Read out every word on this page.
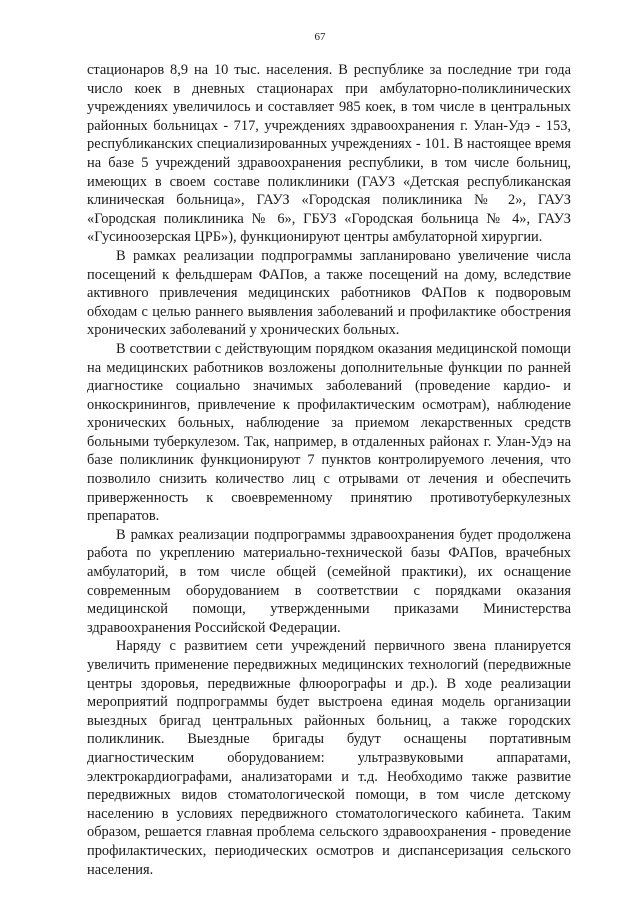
67

стационаров 8,9 на 10 тыс. населения. В республике за последние три года число коек в дневных стационарах при амбулаторно-поликлинических учреждениях увеличилось и составляет 985 коек, в том числе в центральных районных больницах - 717, учреждениях здравоохранения г. Улан-Удэ - 153, республиканских специализированных учреждениях - 101. В настоящее время на базе 5 учреждений здравоохранения республики, в том числе больниц, имеющих в своем составе поликлиники (ГАУЗ «Детская республиканская клиническая больница», ГАУЗ «Городская поликлиника № 2», ГАУЗ «Городская поликлиника № 6», ГБУЗ «Городская больница № 4», ГАУЗ «Гусиноозерская ЦРБ»), функционируют центры амбулаторной хирургии.

В рамках реализации подпрограммы запланировано увеличение числа посещений к фельдшерам ФАПов, а также посещений на дому, вследствие активного привлечения медицинских работников ФАПов к подворовым обходам с целью раннего выявления заболеваний и профилактике обострения хронических заболеваний у хронических больных.

В соответствии с действующим порядком оказания медицинской помощи на медицинских работников возложены дополнительные функции по ранней диагностике социально значимых заболеваний (проведение кардио- и онкоскринингов, привлечение к профилактическим осмотрам), наблюдение хронических больных, наблюдение за приемом лекарственных средств больными туберкулезом. Так, например, в отдаленных районах г. Улан-Удэ на базе поликлиник функционируют 7 пунктов контролируемого лечения, что позволило снизить количество лиц с отрывами от лечения и обеспечить приверженность к своевременному принятию противотуберкулезных препаратов.

В рамках реализации подпрограммы здравоохранения будет продолжена работа по укреплению материально-технической базы ФАПов, врачебных амбулаторий, в том числе общей (семейной практики), их оснащение современным оборудованием в соответствии с порядками оказания медицинской помощи, утвержденными приказами Министерства здравоохранения Российской Федерации.

Наряду с развитием сети учреждений первичного звена планируется увеличить применение передвижных медицинских технологий (передвижные центры здоровья, передвижные флюорографы и др.). В ходе реализации мероприятий подпрограммы будет выстроена единая модель организации выездных бригад центральных районных больниц, а также городских поликлиник. Выездные бригады будут оснащены портативным диагностическим оборудованием: ультразвуковыми аппаратами, электрокардиографами, анализаторами и т.д. Необходимо также развитие передвижных видов стоматологической помощи, в том числе детскому населению в условиях передвижного стоматологического кабинета. Таким образом, решается главная проблема сельского здравоохранения - проведение профилактических, периодических осмотров и диспансеризация сельского населения.
